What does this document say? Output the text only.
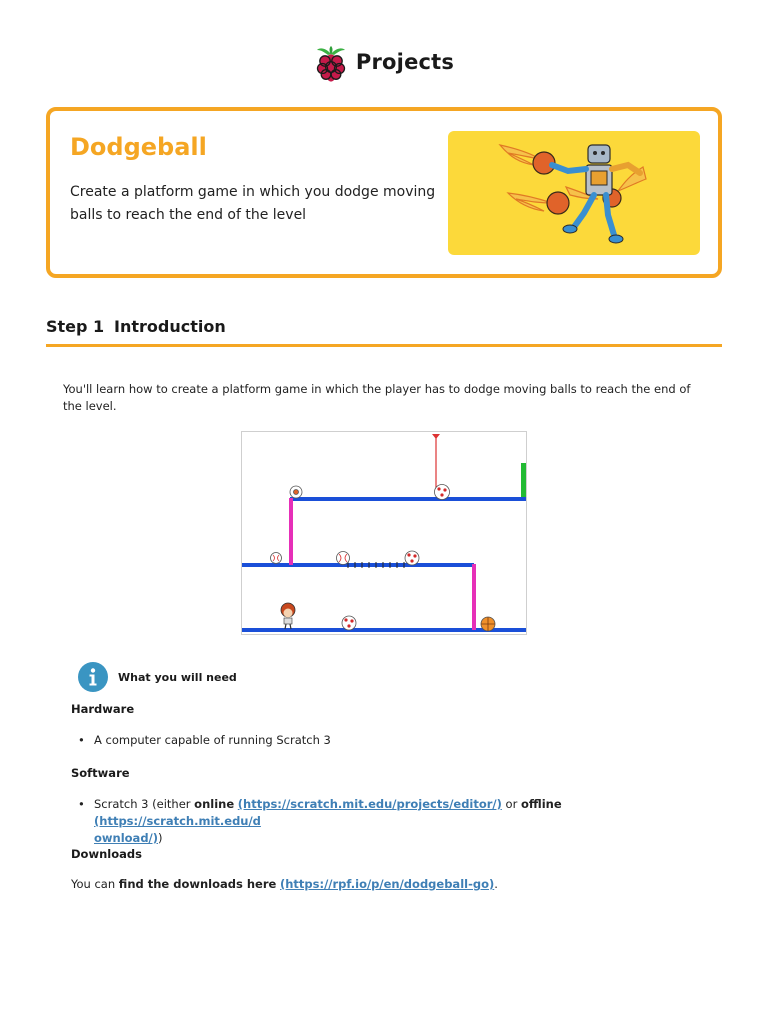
Projects
Dodgeball
Create a platform game in which you dodge moving balls to reach the end of the level
Step 1 Introduction
You'll learn how to create a platform game in which the player has to dodge moving balls to reach the end of the level.
What you will need
Hardware
• A computer capable of running Scratch 3
Software
• Scratch 3 (either online (https://scratch.mit.edu/projects/editor/) or offline (https://scratch.mit.edu/d
ownload/))
Downloads
You can find the downloads here (https://rpf.io/p/en/dodgeball-go).
